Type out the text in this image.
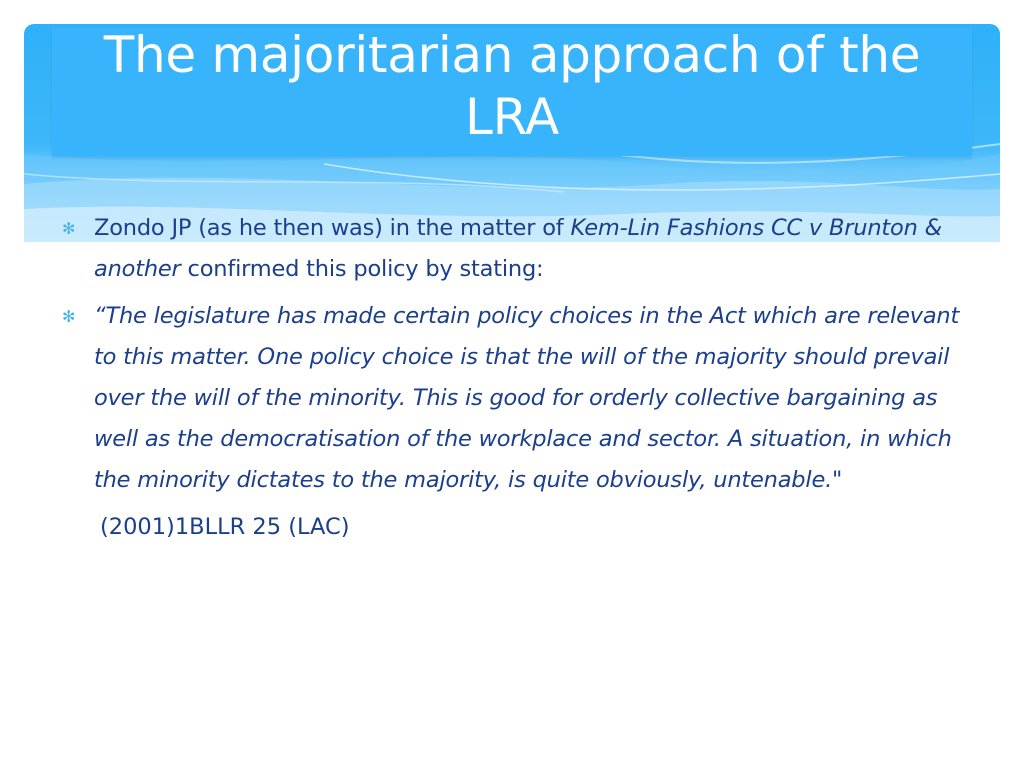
The majoritarian approach of the LRA
✻ Zondo JP (as he then was) in the matter of Kem-Lin Fashions CC v Brunton & another confirmed this policy by stating:
✻ “The legislature has made certain policy choices in the Act which are relevant to this matter. One policy choice is that the will of the majority should prevail over the will of the minority. This is good for orderly collective bargaining as well as the democratisation of the workplace and sector. A situation, in which the minority dictates to the majority, is quite obviously, untenable."
(2001)1BLLR 25 (LAC)
